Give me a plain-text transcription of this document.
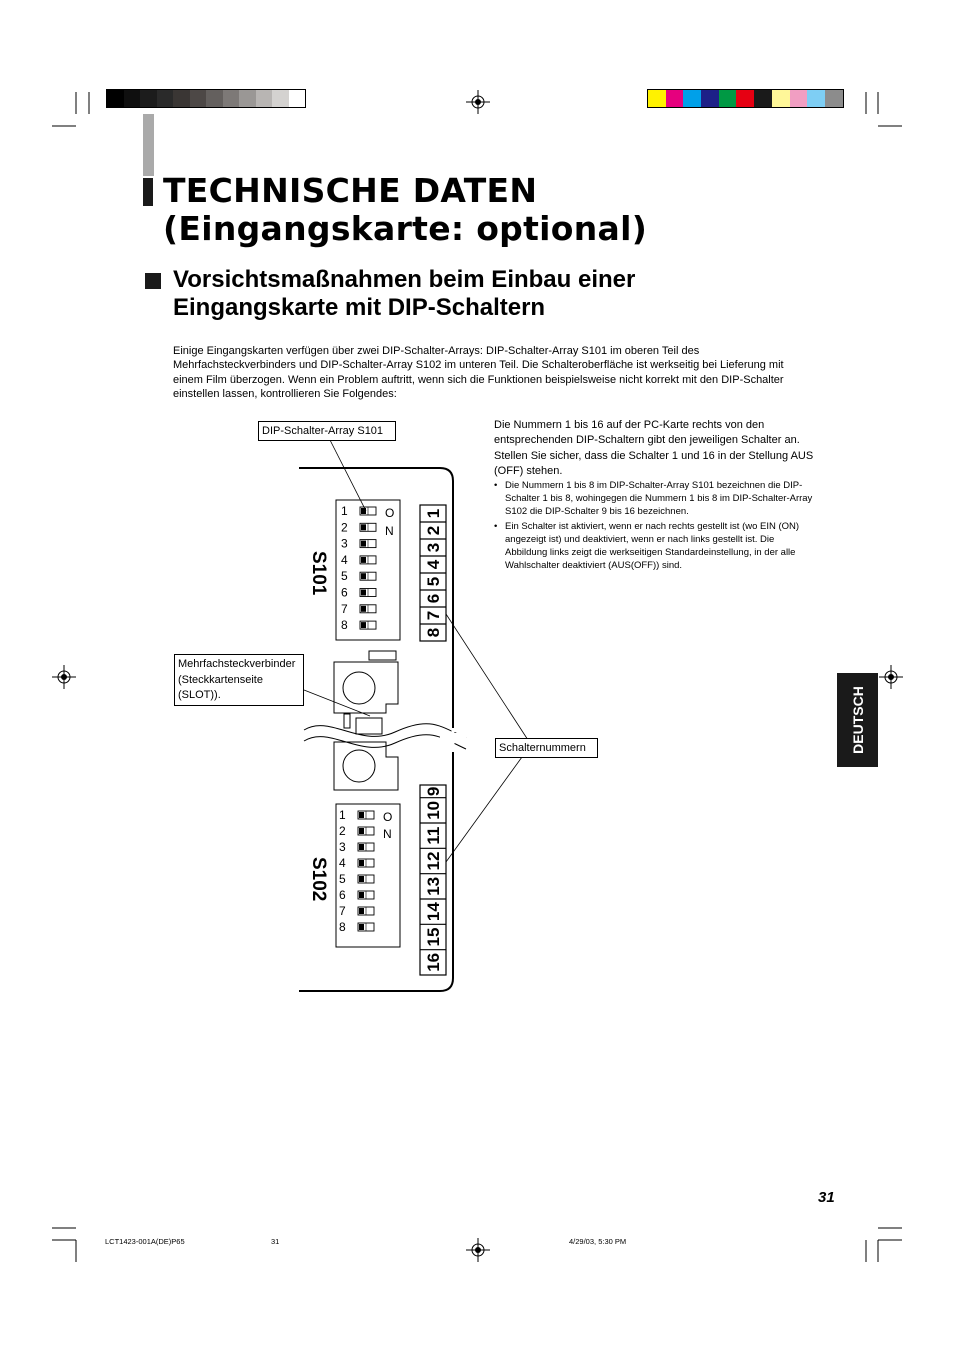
TECHNISCHE DATEN
(Eingangskarte: optional)
Vorsichtsmaßnahmen beim Einbau einer
Eingangskarte mit DIP-Schaltern
Einige Eingangskarten verfügen über zwei DIP-Schalter-Arrays: DIP-Schalter-Array S101 im oberen Teil des Mehrfachsteckverbinders und DIP-Schalter-Array S102 im unteren Teil. Die Schalteroberfläche ist werkseitig bei Lieferung mit einem Film überzogen. Wenn ein Problem auftritt, wenn sich die Funktionen beispielsweise nicht korrekt mit den DIP-Schalter einstellen lassen, kontrollieren Sie Folgendes:
Die Nummern 1 bis 16 auf der PC-Karte rechts von den entsprechenden DIP-Schaltern gibt den jeweiligen Schalter an. Stellen Sie sicher, dass die Schalter 1 und 16 in der Stellung AUS (OFF) stehen.
• Die Nummern 1 bis 8 im DIP-Schalter-Array S101 bezeichnen die DIP-Schalter 1 bis 8, wohingegen die Nummern 1 bis 8 im DIP-Schalter-Array S102 die DIP-Schalter 9 bis 16 bezeichnen.
• Ein Schalter ist aktiviert, wenn er nach rechts gestellt ist (wo EIN (ON) angezeigt ist) und deaktiviert, wenn er nach links gestellt ist. Die Abbildung links zeigt die werkseitigen Standardeinstellung, in der alle Wahlschalter deaktiviert (AUS(OFF)) sind.
S101
S102
O
N
O
N
1
2
3
4
5
6
7
8
1
2
3
4
5
6
7
8
8
7
6
5
4
3
2
1
16
15
14
13
12
11
10
9
DIP-Schalter-Array S101
Mehrfachsteckverbinder
(Steckkartenseite
(SLOT)).
Schalternummern	DEUTSCH
31
LCT1423-001A(DE)P65	31	4/29/03, 5:30 PM
